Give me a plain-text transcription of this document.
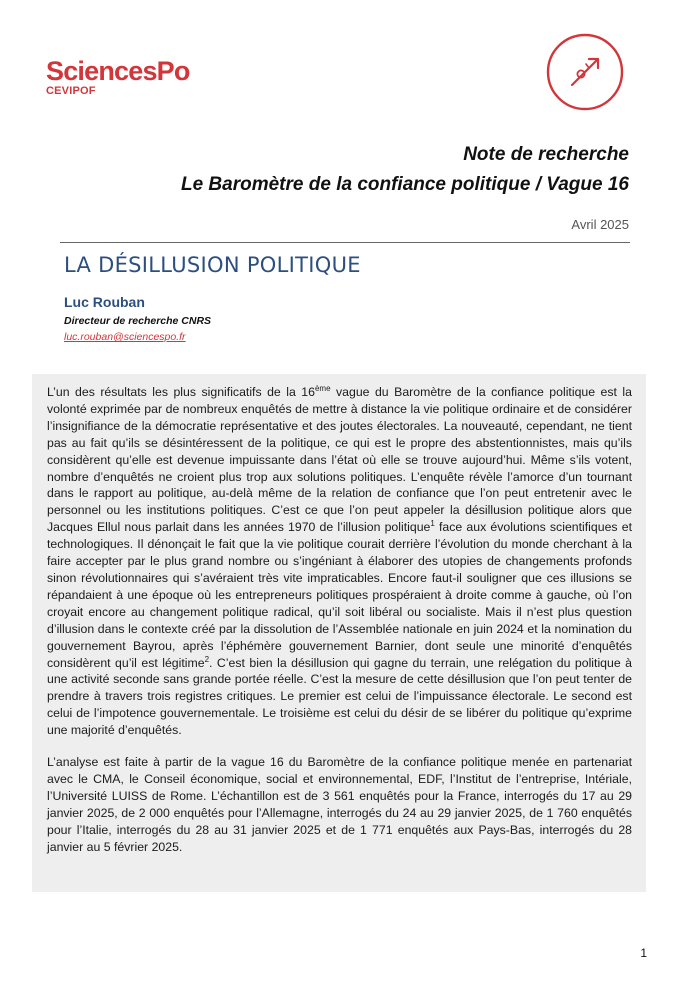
SciencesPo
CEVIPOF
Note de recherche
Le Baromètre de la confiance politique / Vague 16
Avril 2025
LA DÉSILLUSION POLITIQUE
Luc Rouban
Directeur de recherche CNRS
luc.rouban@sciencespo.fr

L’un des résultats les plus significatifs de la 16ème vague du Baromètre de la confiance politique est la volonté exprimée par de nombreux enquêtés de mettre à distance la vie politique ordinaire et de considérer l’insignifiance de la démocratie représentative et des joutes électorales. La nouveauté, cependant, ne tient pas au fait qu’ils se désintéressent de la politique, ce qui est le propre des abstentionnistes, mais qu’ils considèrent qu’elle est devenue impuissante dans l’état où elle se trouve aujourd’hui. Même s’ils votent, nombre d’enquêtés ne croient plus trop aux solutions politiques. L’enquête révèle l’amorce d’un tournant dans le rapport au politique, au-delà même de la relation de confiance que l’on peut entretenir avec le personnel ou les institutions politiques. C’est ce que l’on peut appeler la désillusion politique alors que Jacques Ellul nous parlait dans les années 1970 de l’illusion politique$^1$ face aux évolutions scientifiques et technologiques. Il dénonçait le fait que la vie politique courait derrière l’évolution du monde cherchant à la faire accepter par le plus grand nombre ou s’ingéniant à élaborer des utopies de changements profonds sinon révolutionnaires qui s’avéraient très vite impraticables. Encore faut-il souligner que ces illusions se répandaient à une époque où les entrepreneurs politiques prospéraient à droite comme à gauche, où l’on croyait encore au changement politique radical, qu’il soit libéral ou socialiste. Mais il n’est plus question d’illusion dans le contexte créé par la dissolution de l’Assemblée nationale en juin 2024 et la nomination du gouvernement Bayrou, après l’éphémère gouvernement Barnier, dont seule une minorité d’enquêtés considèrent qu’il est légitime$^2$. C’est bien la désillusion qui gagne du terrain, une relégation du politique à une activité seconde sans grande portée réelle. C’est la mesure de cette désillusion que l’on peut tenter de prendre à travers trois registres critiques. Le premier est celui de l’impuissance électorale. Le second est celui de l’impotence gouvernementale. Le troisième est celui du désir de se libérer du politique qu’exprime une majorité d’enquêtés.

L’analyse est faite à partir de la vague 16 du Baromètre de la confiance politique menée en partenariat avec le CMA, le Conseil économique, social et environnemental, EDF, l’Institut de l’entreprise, Intériale, l’Université LUISS de Rome. L’échantillon est de 3 561 enquêtés pour la France, interrogés du 17 au 29 janvier 2025, de 2 000 enquêtés pour l’Allemagne, interrogés du 24 au 29 janvier 2025, de 1 760 enquêtés pour l’Italie, interrogés du 28 au 31 janvier 2025 et de 1 771 enquêtés aux Pays-Bas, interrogés du 28 janvier au 5 février 2025.

1
